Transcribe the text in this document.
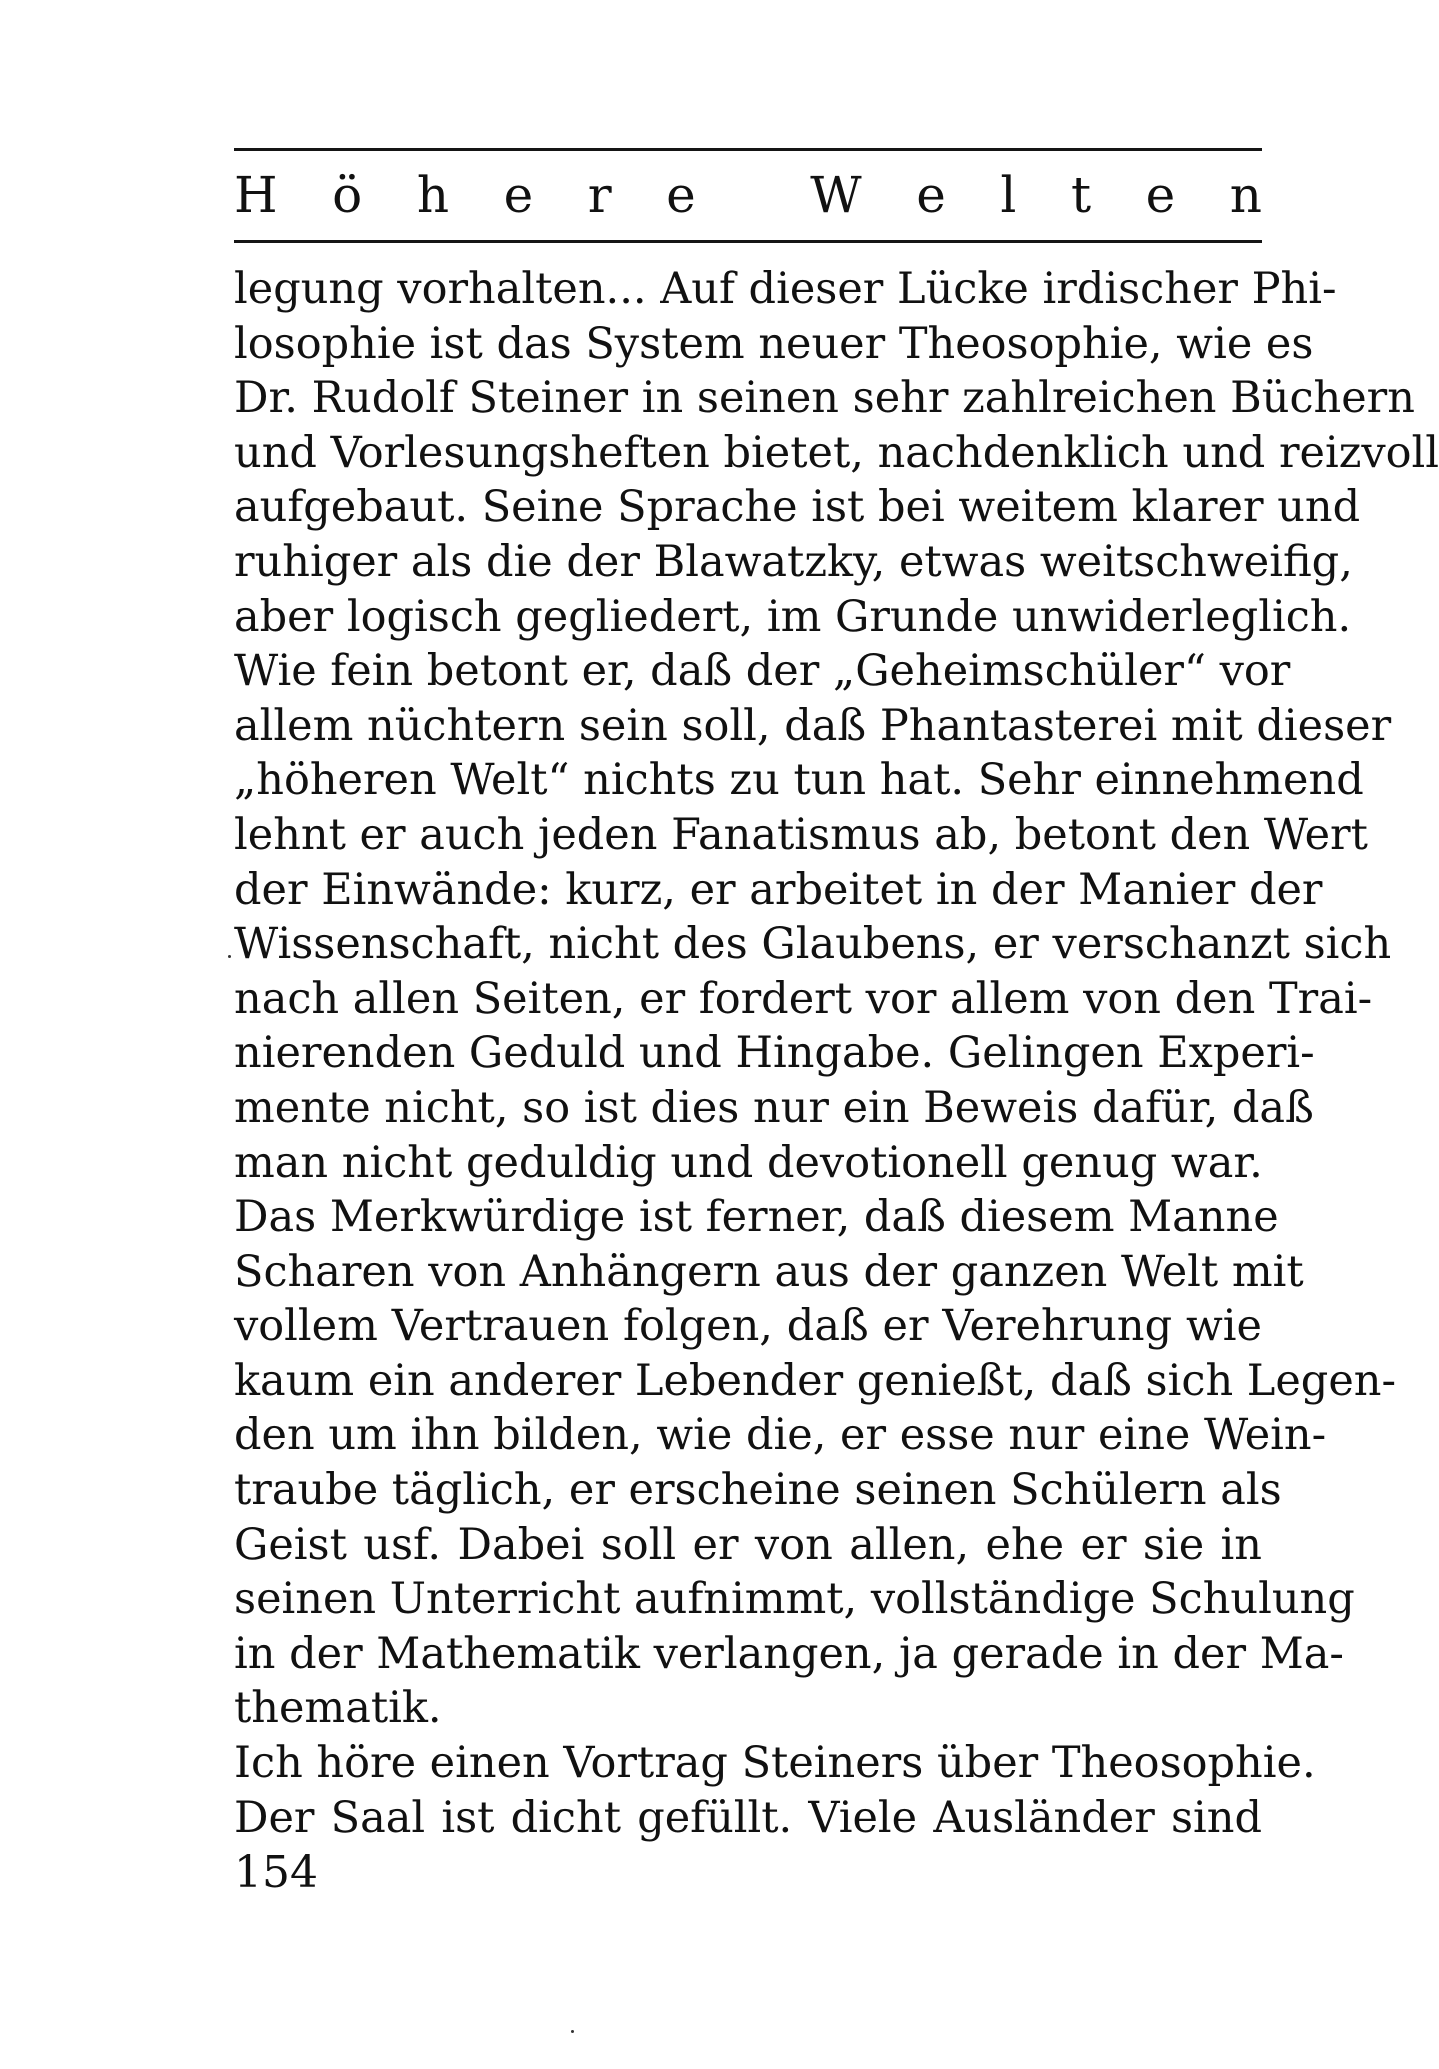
H ö h e r e W e l t e n
legung vorhalten... Auf dieser Lücke irdischer Phi-
losophie ist das System neuer Theosophie, wie es
Dr. Rudolf Steiner in seinen sehr zahlreichen Büchern
und Vorlesungsheften bietet, nachdenklich und reizvoll
aufgebaut. Seine Sprache ist bei weitem klarer und
ruhiger als die der Blawatzky, etwas weitschweifig,
aber logisch gegliedert, im Grunde unwiderleglich.
Wie fein betont er, daß der „Geheimschüler“ vor
allem nüchtern sein soll, daß Phantasterei mit dieser
„höheren Welt“ nichts zu tun hat. Sehr einnehmend
lehnt er auch jeden Fanatismus ab, betont den Wert
der Einwände: kurz, er arbeitet in der Manier der
Wissenschaft, nicht des Glaubens, er verschanzt sich
nach allen Seiten, er fordert vor allem von den Trai-
nierenden Geduld und Hingabe. Gelingen Experi-
mente nicht, so ist dies nur ein Beweis dafür, daß
man nicht geduldig und devotionell genug war.
Das Merkwürdige ist ferner, daß diesem Manne
Scharen von Anhängern aus der ganzen Welt mit
vollem Vertrauen folgen, daß er Verehrung wie
kaum ein anderer Lebender genießt, daß sich Legen-
den um ihn bilden, wie die, er esse nur eine Wein-
traube täglich, er erscheine seinen Schülern als
Geist usf. Dabei soll er von allen, ehe er sie in
seinen Unterricht aufnimmt, vollständige Schulung
in der Mathematik verlangen, ja gerade in der Ma-
thematik.
Ich höre einen Vortrag Steiners über Theosophie.
Der Saal ist dicht gefüllt. Viele Ausländer sind
154
